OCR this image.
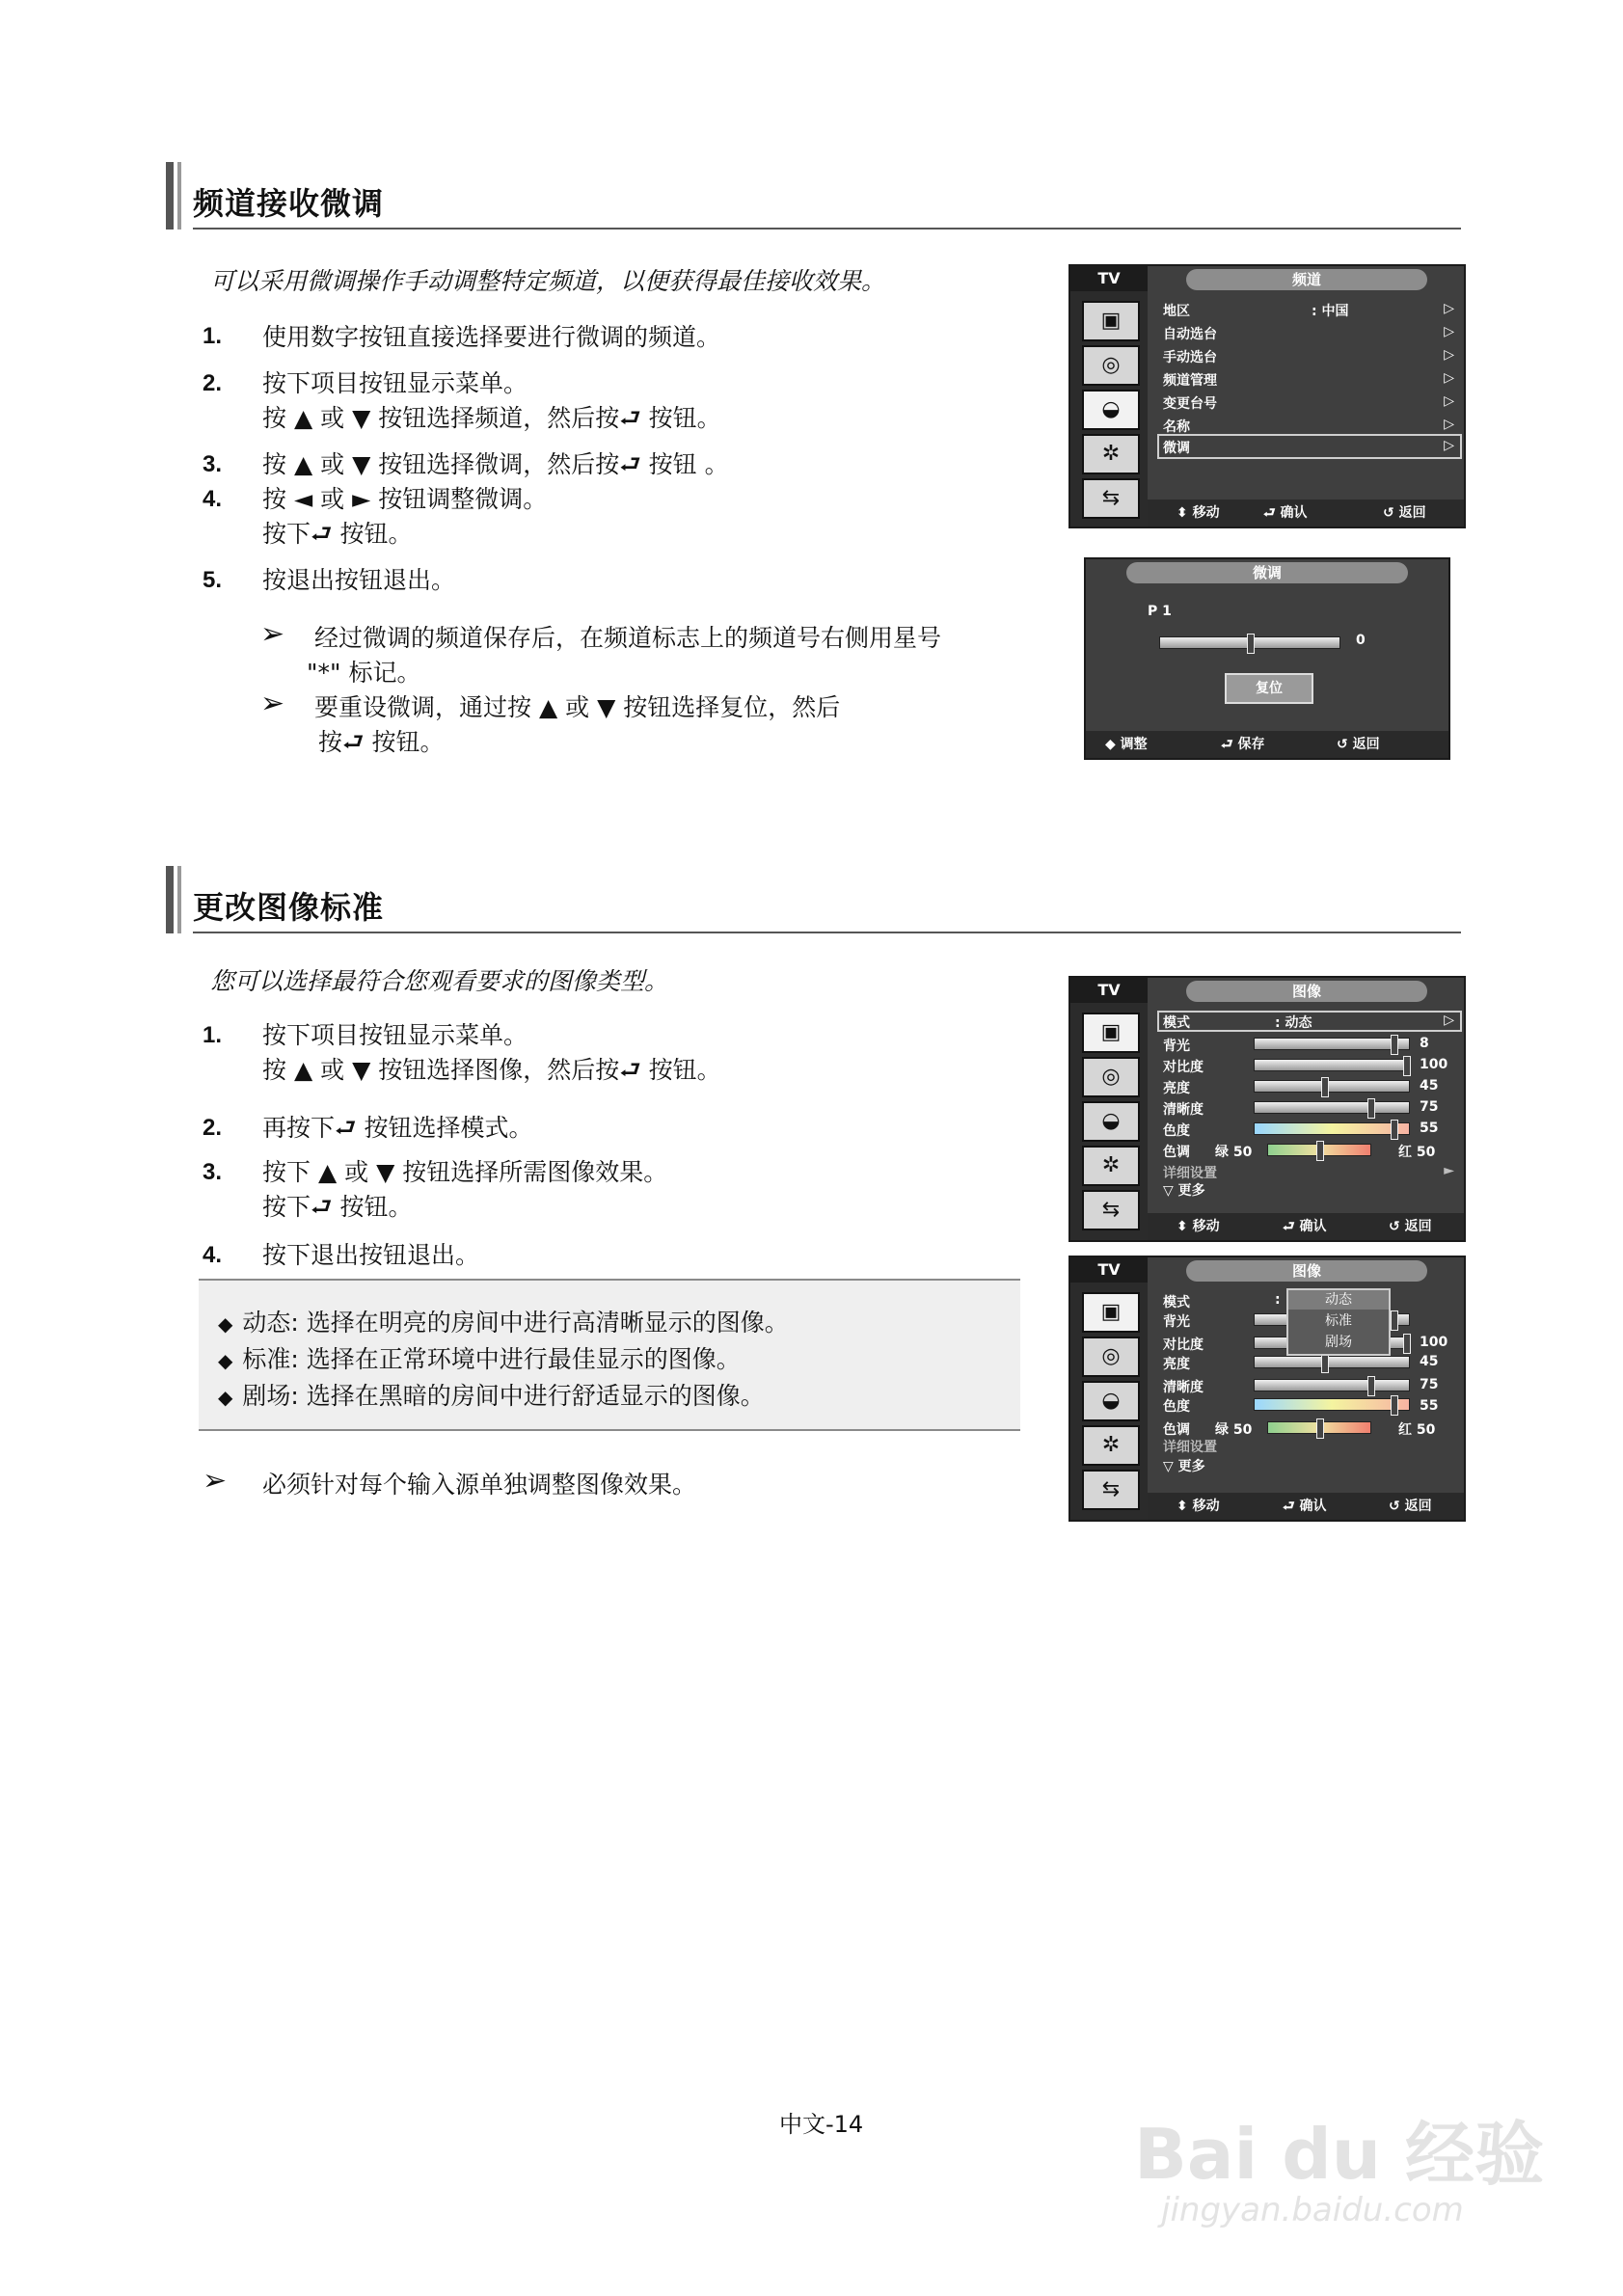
频道接收微调
可以采用微调操作手动调整特定频道，以便获得最佳接收效果。
1. 使用数字按钮直接选择要进行微调的频道。
2. 按下项目按钮显示菜单。
按 ▲ 或 ▼ 按钮选择频道，然后按⮐ 按钮。
3. 按 ▲ 或 ▼ 按钮选择微调，然后按⮐ 按钮 。
4. 按 ◄ 或 ► 按钮调整微调。
按下⮐ 按钮。
5. 按退出按钮退出。
➢ 经过微调的频道保存后，在频道标志上的频道号右侧用星号
"*" 标记。
➢ 要重设微调，通过按 ▲ 或 ▼ 按钮选择复位，然后
按⮐ 按钮。
TV
▣
◎
◒
✲
⇆
频道
地区	: 中国	▷
自动选台	▷
手动选台	▷
频道管理	▷
变更台号	▷
名称	▷
微调	▷
⬍ 移动	⮐ 确认	↺ 返回
微调
P 1
0
复位
◆ 调整	⮐ 保存	↺ 返回
更改图像标准
您可以选择最符合您观看要求的图像类型。
1. 按下项目按钮显示菜单。
按 ▲ 或 ▼ 按钮选择图像，然后按⮐ 按钮。
2. 再按下⮐ 按钮选择模式。
3. 按下 ▲ 或 ▼ 按钮选择所需图像效果。
按下⮐ 按钮。
4. 按下退出按钮退出。
◆ 动态: 选择在明亮的房间中进行高清晰显示的图像。
◆ 标准: 选择在正常环境中进行最佳显示的图像。
◆ 剧场: 选择在黑暗的房间中进行舒适显示的图像。
➢ 必须针对每个输入源单独调整图像效果。
TV
▣
◎
◒
✲
⇆
图像
模式	: 动态	▷
背光	8
对比度	100
亮度	45
清晰度	75
色度	55
色调 绿 50	红 50
详细设置	►
▽ 更多
⬍ 移动	⮐ 确认	↺ 返回
TV
▣
◎
◒
✲
⇆
图像
模式	:
背光
对比度	100
亮度	45
清晰度	75
色度	55
色调 绿 50	红 50
详细设置
▽ 更多
动态
标准
剧场
⬍ 移动	⮐ 确认	↺ 返回
中文-14	Bai du 经验
jingyan.baidu.com
